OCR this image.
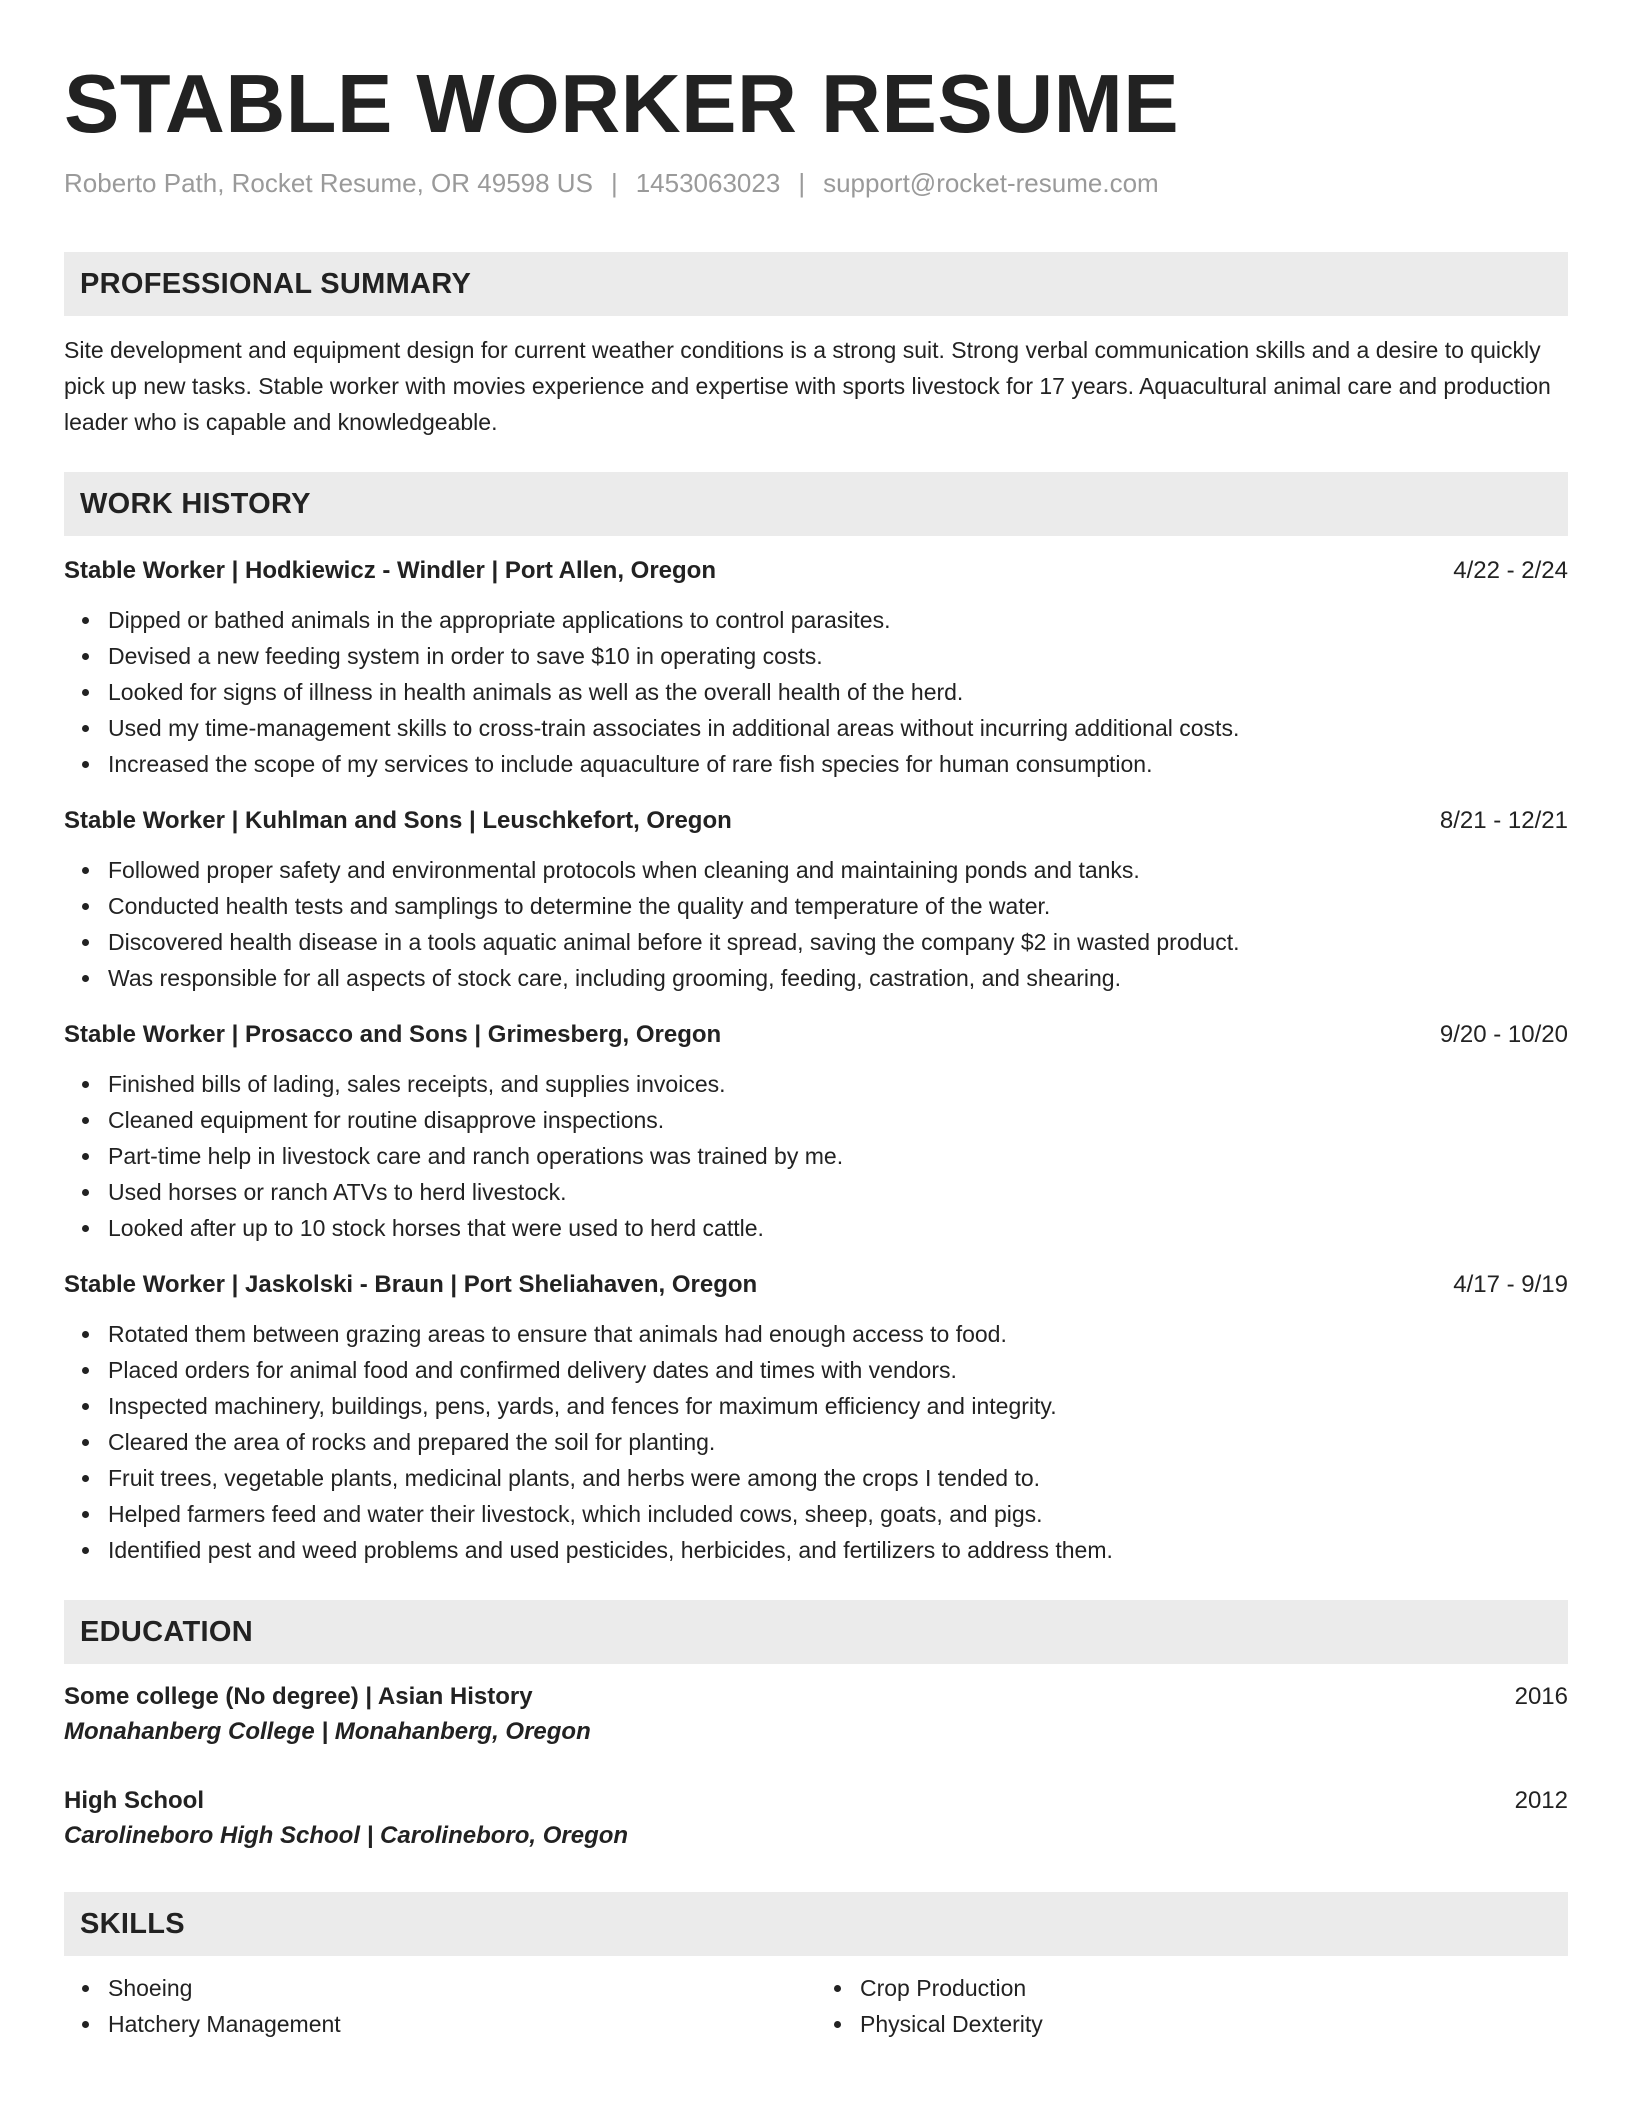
STABLE WORKER RESUME
Roberto Path, Rocket Resume, OR 49598 US | 1453063023 | support@rocket-resume.com
PROFESSIONAL SUMMARY
Site development and equipment design for current weather conditions is a strong suit. Strong verbal communication skills and a desire to quickly pick up new tasks. Stable worker with movies experience and expertise with sports livestock for 17 years. Aquacultural animal care and production leader who is capable and knowledgeable.
WORK HISTORY
Stable Worker | Hodkiewicz - Windler | Port Allen, Oregon	4/22 - 2/24
Dipped or bathed animals in the appropriate applications to control parasites.
Devised a new feeding system in order to save $10 in operating costs.
Looked for signs of illness in health animals as well as the overall health of the herd.
Used my time-management skills to cross-train associates in additional areas without incurring additional costs.
Increased the scope of my services to include aquaculture of rare fish species for human consumption.
Stable Worker | Kuhlman and Sons | Leuschkefort, Oregon	8/21 - 12/21
Followed proper safety and environmental protocols when cleaning and maintaining ponds and tanks.
Conducted health tests and samplings to determine the quality and temperature of the water.
Discovered health disease in a tools aquatic animal before it spread, saving the company $2 in wasted product.
Was responsible for all aspects of stock care, including grooming, feeding, castration, and shearing.
Stable Worker | Prosacco and Sons | Grimesberg, Oregon	9/20 - 10/20
Finished bills of lading, sales receipts, and supplies invoices.
Cleaned equipment for routine disapprove inspections.
Part-time help in livestock care and ranch operations was trained by me.
Used horses or ranch ATVs to herd livestock.
Looked after up to 10 stock horses that were used to herd cattle.
Stable Worker | Jaskolski - Braun | Port Sheliahaven, Oregon	4/17 - 9/19
Rotated them between grazing areas to ensure that animals had enough access to food.
Placed orders for animal food and confirmed delivery dates and times with vendors.
Inspected machinery, buildings, pens, yards, and fences for maximum efficiency and integrity.
Cleared the area of rocks and prepared the soil for planting.
Fruit trees, vegetable plants, medicinal plants, and herbs were among the crops I tended to.
Helped farmers feed and water their livestock, which included cows, sheep, goats, and pigs.
Identified pest and weed problems and used pesticides, herbicides, and fertilizers to address them.
EDUCATION
Some college (No degree) | Asian History	2016
Monahanberg College | Monahanberg, Oregon
High School	2012
Carolineboro High School | Carolineboro, Oregon
SKILLS
Shoeing
Hatchery Management
Crop Production
Physical Dexterity
